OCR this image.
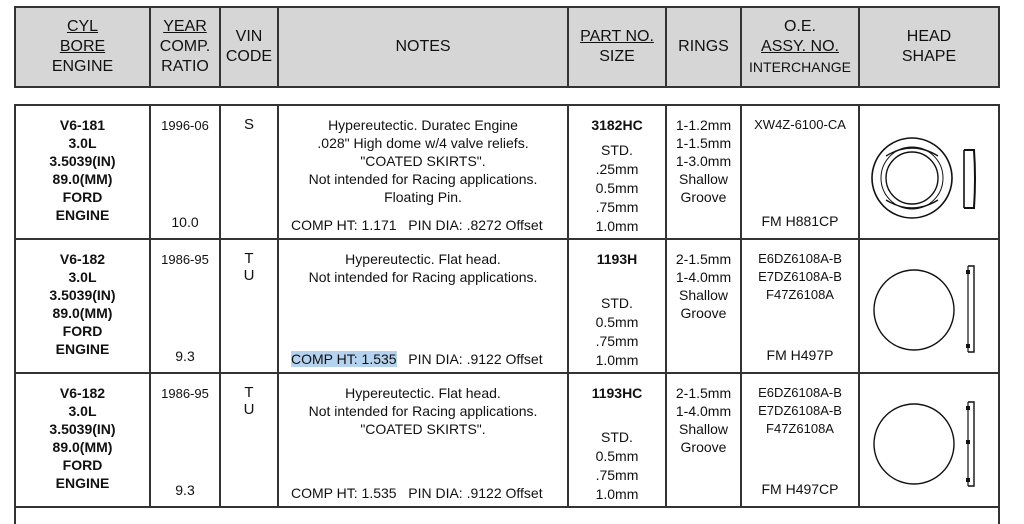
CYL
BORE
ENGINE
YEAR
COMP.
RATIO
VIN
CODE
NOTES
PART NO.
SIZE
RINGS
O.E.
ASSY. NO.
INTERCHANGE
HEAD
SHAPE
V6-181
3.0L
3.5039(IN)
89.0(MM)
FORD
ENGINE
1996-06
10.0
S	Hypereutectic. Duratec Engine
.028" High dome w/4 valve reliefs.
"COATED SKIRTS".
Not intended for Racing applications.
Floating Pin.
COMP HT: 1.171 PIN DIA: .8272 Offset
3182HC
STD.
.25mm
0.5mm
.75mm
1.0mm
1-1.2mm
1-1.5mm
1-3.0mm
Shallow
Groove
XW4Z-6100-CA
FM H881CP
V6-182
3.0L
3.5039(IN)
89.0(MM)
FORD
ENGINE
1986-95
9.3
T
U
Hypereutectic. Flat head.
Not intended for Racing applications.
COMP HT: 1.535 PIN DIA: .9122 Offset
1193H
STD.
0.5mm
.75mm
1.0mm
2-1.5mm
1-4.0mm
Shallow
Groove
E6DZ6108A-B
E7DZ6108A-B
F47Z6108A
FM H497P
V6-182
3.0L
3.5039(IN)
89.0(MM)
FORD
ENGINE
1986-95
9.3
T
U
Hypereutectic. Flat head.
Not intended for Racing applications.
"COATED SKIRTS".
COMP HT: 1.535 PIN DIA: .9122 Offset
1193HC
STD.
0.5mm
.75mm
1.0mm
2-1.5mm
1-4.0mm
Shallow
Groove
E6DZ6108A-B
E7DZ6108A-B
F47Z6108A
FM H497CP
